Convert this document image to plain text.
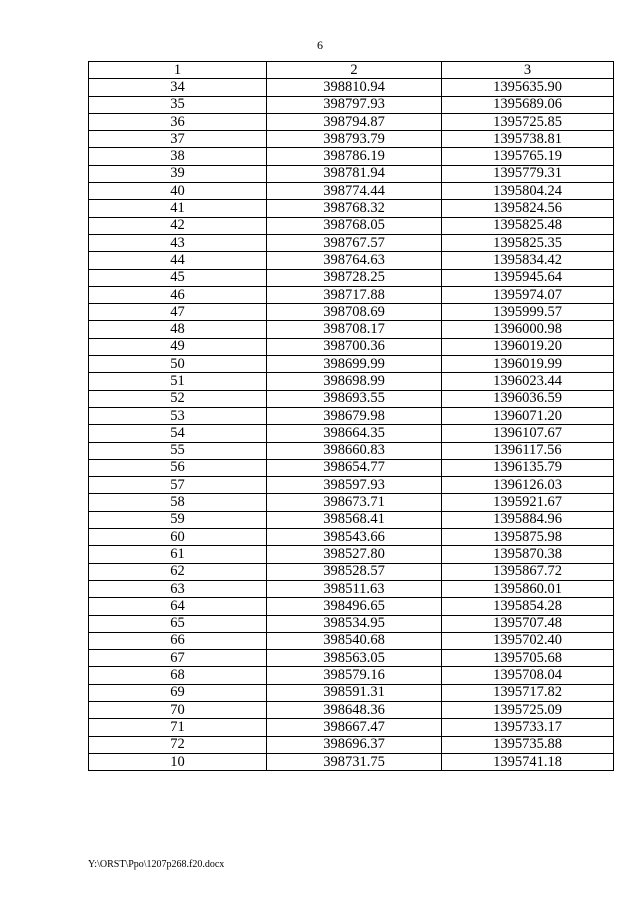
6
1	2	3
34	398810.94	1395635.90
35	398797.93	1395689.06
36	398794.87	1395725.85
37	398793.79	1395738.81
38	398786.19	1395765.19
39	398781.94	1395779.31
40	398774.44	1395804.24
41	398768.32	1395824.56
42	398768.05	1395825.48
43	398767.57	1395825.35
44	398764.63	1395834.42
45	398728.25	1395945.64
46	398717.88	1395974.07
47	398708.69	1395999.57
48	398708.17	1396000.98
49	398700.36	1396019.20
50	398699.99	1396019.99
51	398698.99	1396023.44
52	398693.55	1396036.59
53	398679.98	1396071.20
54	398664.35	1396107.67
55	398660.83	1396117.56
56	398654.77	1396135.79
57	398597.93	1396126.03
58	398673.71	1395921.67
59	398568.41	1395884.96
60	398543.66	1395875.98
61	398527.80	1395870.38
62	398528.57	1395867.72
63	398511.63	1395860.01
64	398496.65	1395854.28
65	398534.95	1395707.48
66	398540.68	1395702.40
67	398563.05	1395705.68
68	398579.16	1395708.04
69	398591.31	1395717.82
70	398648.36	1395725.09
71	398667.47	1395733.17
72	398696.37	1395735.88
10	398731.75	1395741.18
Y:\ORST\Ppo\1207p268.f20.docx
